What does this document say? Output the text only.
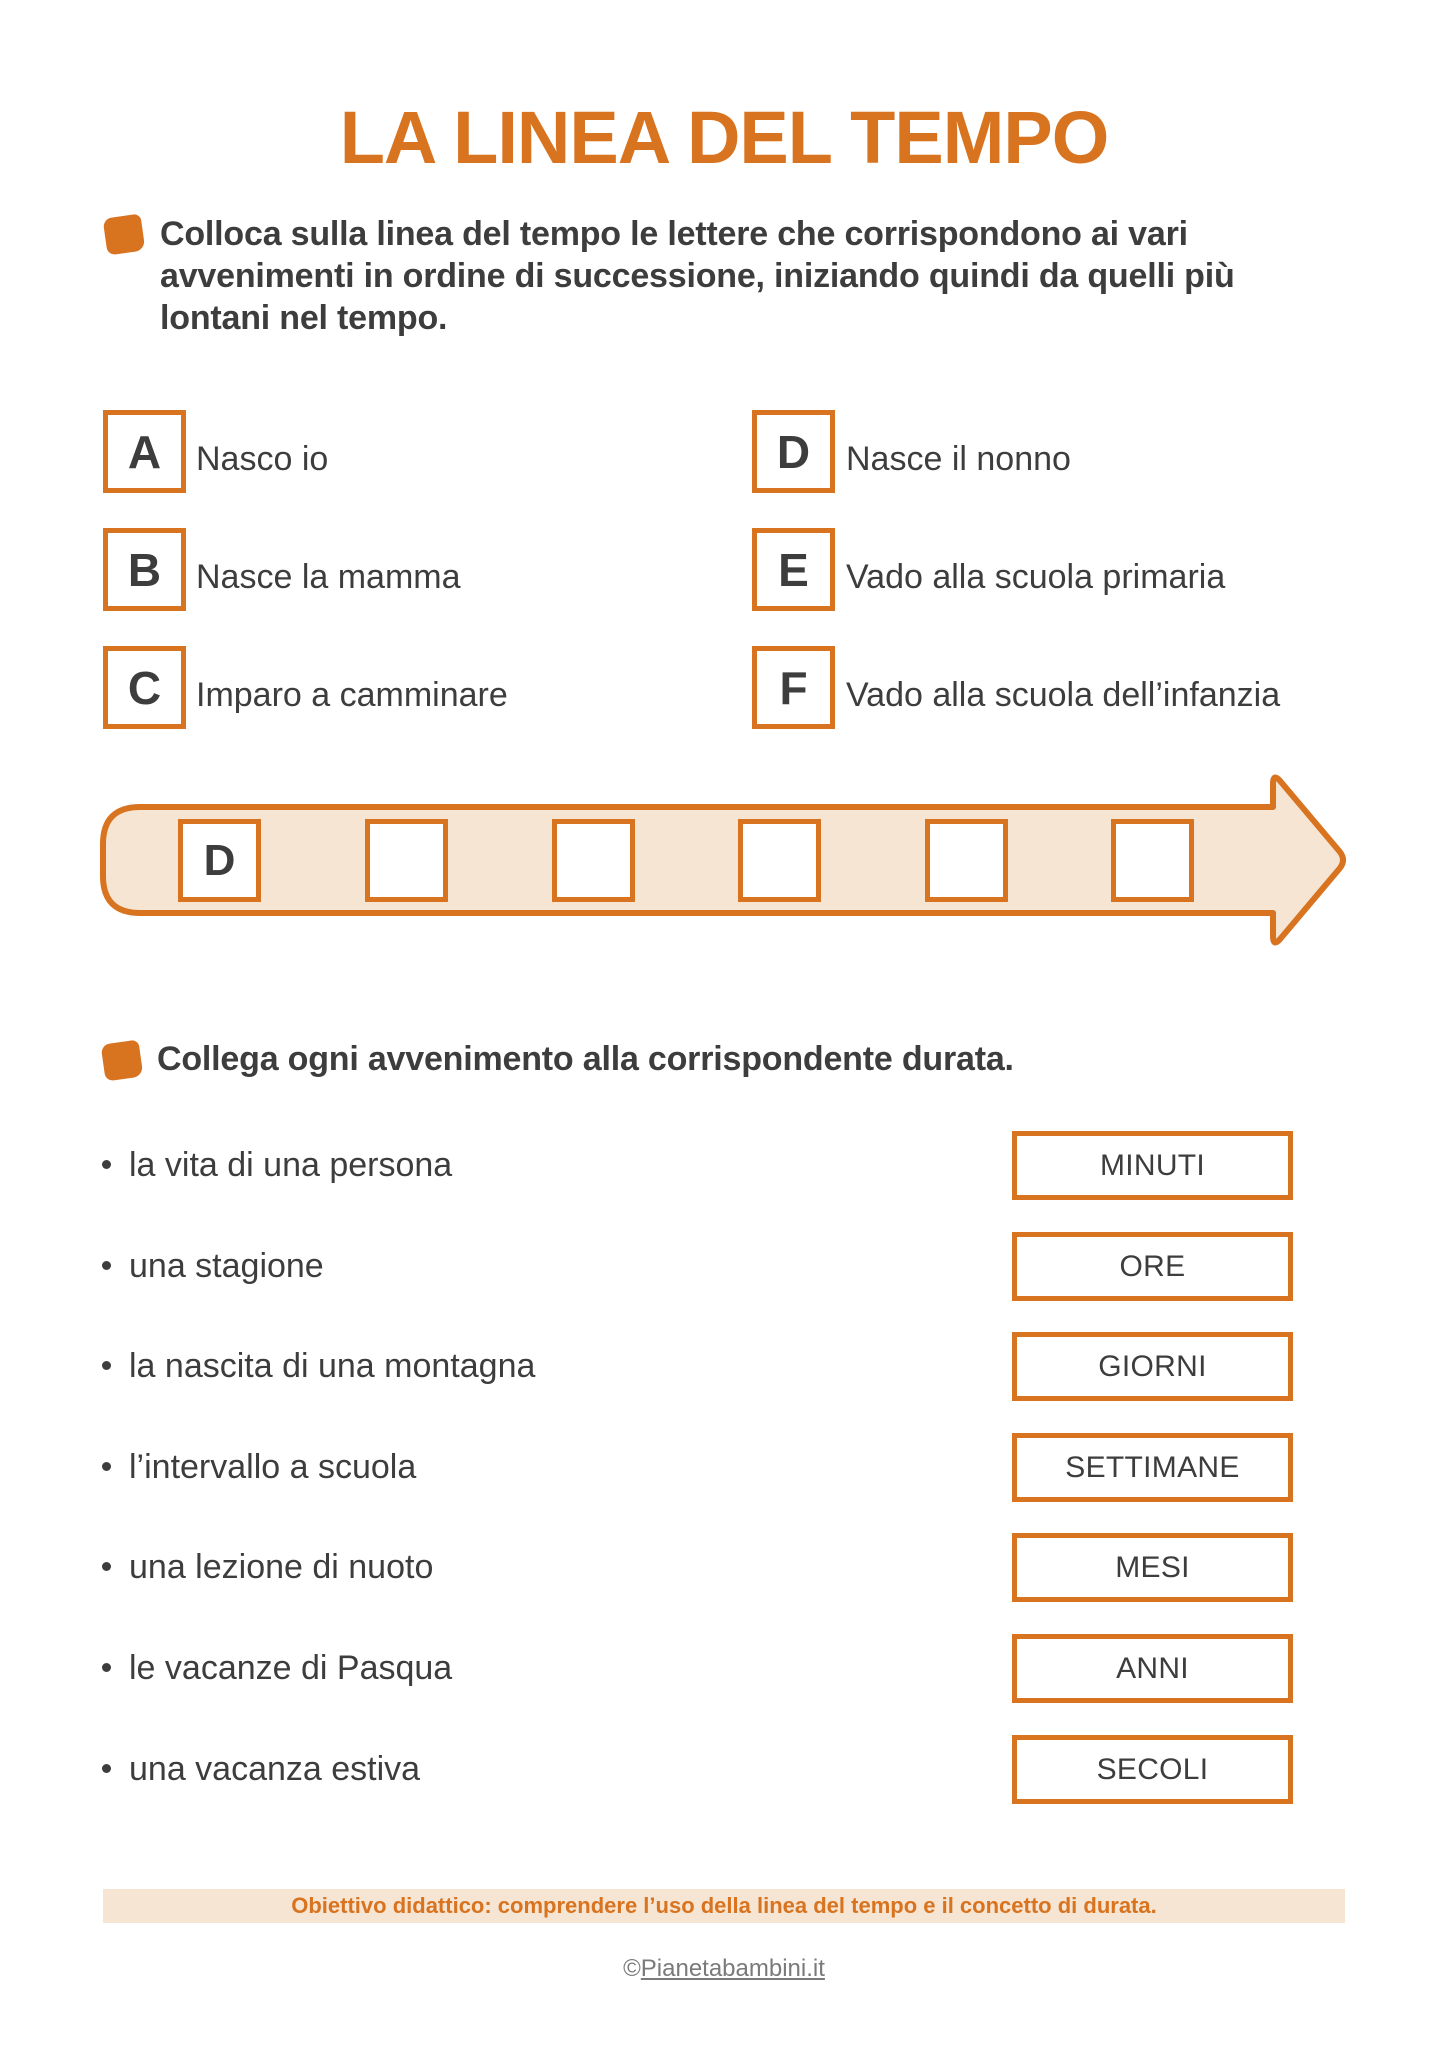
LA LINEA DEL TEMPO
Colloca sulla linea del tempo le lettere che corrispondono ai vari
avvenimenti in ordine di successione, iniziando quindi da quelli più
lontani nel tempo.
A	Nasco io
B	Nasce la mamma
C	Imparo a camminare
D	Nasce il nonno
E	Vado alla scuola primaria
F	Vado alla scuola dell’infanzia
D
Collega ogni avvenimento alla corrispondente durata.
la vita di una persona
una stagione
la nascita di una montagna
l’intervallo a scuola
una lezione di nuoto
le vacanze di Pasqua
una vacanza estiva
MINUTI
ORE
GIORNI
SETTIMANE
MESI
ANNI
SECOLI
Obiettivo didattico: comprendere l’uso della linea del tempo e il concetto di durata.
©Pianetabambini.it
